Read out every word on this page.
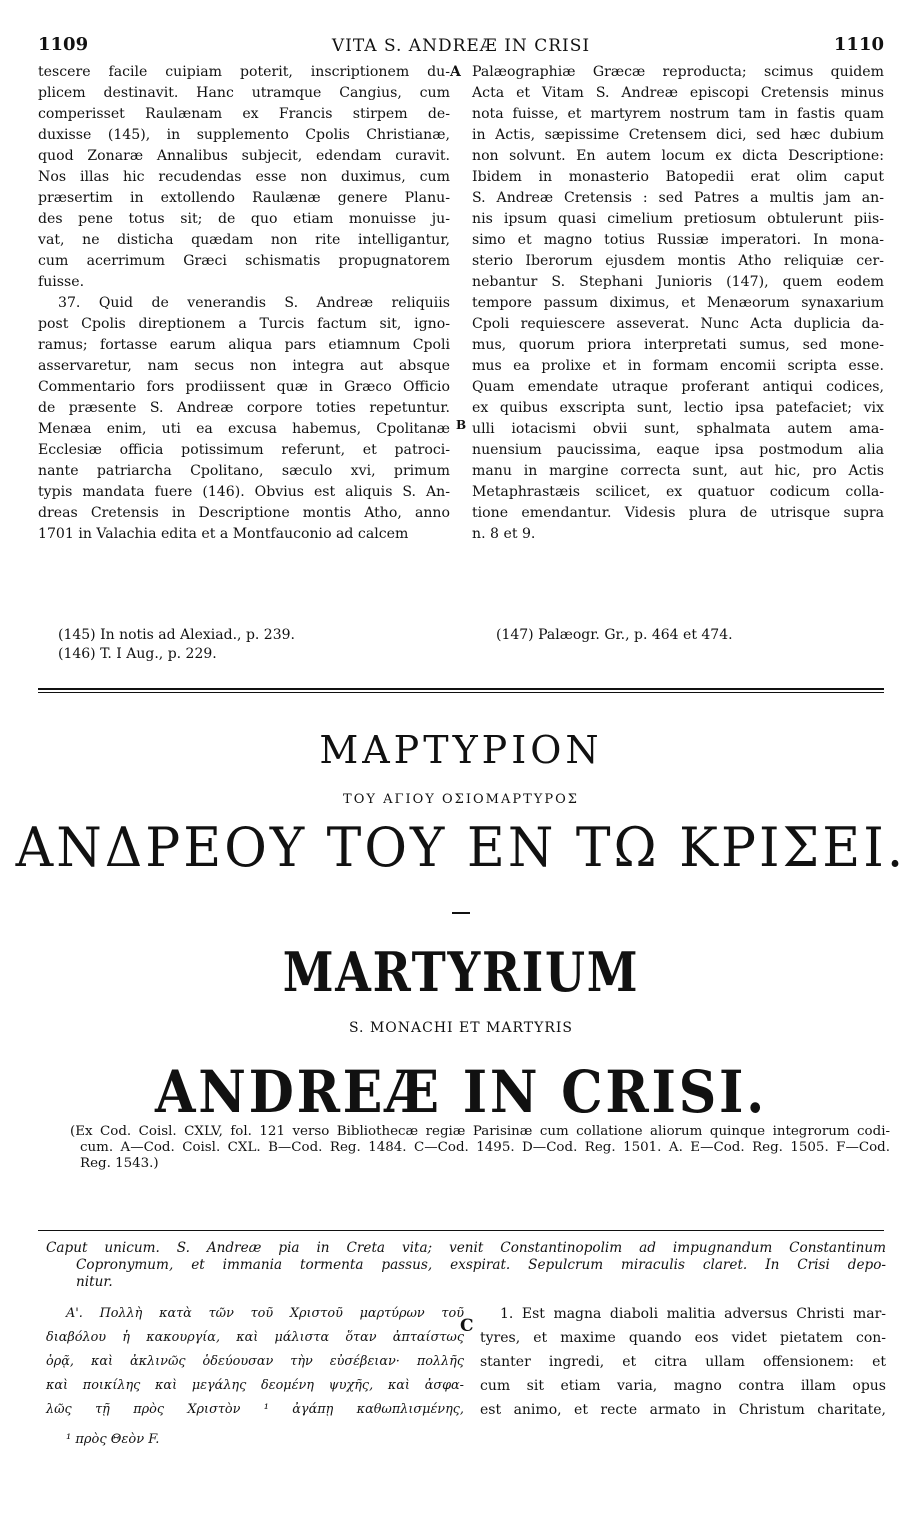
1109	VITA S. ANDREÆ IN CRISI	1110
tescere facile cuipiam poterit, inscriptionem du-
plicem destinavit. Hanc utramque Cangius, cum
comperisset Raulænam ex Francis stirpem de-
duxisse (145), in supplemento Cpolis Christianæ,
quod Zonaræ Annalibus subjecit, edendam curavit.
Nos illas hic recudendas esse non duximus, cum
præsertim in extollendo Raulænæ genere Planu-
des pene totus sit; de quo etiam monuisse ju-
vat, ne disticha quædam non rite intelligantur,
cum acerrimum Græci schismatis propugnatorem
fuisse.
37. Quid de venerandis S. Andreæ reliquiis
post Cpolis direptionem a Turcis factum sit, igno-
ramus; fortasse earum aliqua pars etiamnum Cpoli
asservaretur, nam secus non integra aut absque
Commentario fors prodiissent quæ in Græco Officio
de præsente S. Andreæ corpore toties repetuntur.
Menæa enim, uti ea excusa habemus, Cpolitanæ
Ecclesiæ officia potissimum referunt, et patroci-
nante patriarcha Cpolitano, sæculo xvi, primum
typis mandata fuere (146). Obvius est aliquis S. An-
dreas Cretensis in Descriptione montis Atho, anno
1701 in Valachia edita et a Montfauconio ad calcem
Palæographiæ Græcæ reproducta; scimus quidem
Acta et Vitam S. Andreæ episcopi Cretensis minus
nota fuisse, et martyrem nostrum tam in fastis quam
in Actis, sæpissime Cretensem dici, sed hæc dubium
non solvunt. En autem locum ex dicta Descriptione:
Ibidem in monasterio Batopedii erat olim caput
S. Andreæ Cretensis : sed Patres a multis jam an-
nis ipsum quasi cimelium pretiosum obtulerunt piis-
simo et magno totius Russiæ imperatori. In mona-
sterio Iberorum ejusdem montis Atho reliquiæ cer-
nebantur S. Stephani Junioris (147), quem eodem
tempore passum diximus, et Menæorum synaxarium
Cpoli requiescere asseverat. Nunc Acta duplicia da-
mus, quorum priora interpretati sumus, sed mone-
mus ea prolixe et in formam encomii scripta esse.
Quam emendate utraque proferant antiqui codices,
ex quibus exscripta sunt, lectio ipsa patefaciet; vix
ulli iotacismi obvii sunt, sphalmata autem ama-
nuensium paucissima, eaque ipsa postmodum alia
manu in margine correcta sunt, aut hic, pro Actis
Metaphrastæis scilicet, ex quatuor codicum colla-
tione emendantur. Videsis plura de utrisque supra
n. 8 et 9.
A
B
C
(145) In notis ad Alexiad., p. 239.
(146) T. I Aug., p. 229.
(147) Palæogr. Gr., p. 464 et 474.
ΜΑΡΤΥΡΙΟΝ
ΤΟΥ ΑΓΙΟΥ ΟΣΙΟΜΑΡΤΥΡΟΣ
ΑΝΔΡΕΟΥ ΤΟΥ ΕΝ ΤΩ ΚΡΙΣΕΙ.
MARTYRIUM
S. MONACHI ET MARTYRIS
ANDREÆ IN CRISI.
(Ex Cod. Coisl. CXLV, fol. 121 verso Bibliothecæ regiæ Parisinæ cum collatione aliorum quinque integrorum codi-
cum. A—Cod. Coisl. CXL. B—Cod. Reg. 1484. C—Cod. 1495. D—Cod. Reg. 1501. A. E—Cod. Reg. 1505. F—Cod.
Reg. 1543.)
Caput unicum. S. Andreæ pia in Creta vita; venit Constantinopolim ad impugnandum Constantinum
Copronymum, et immania tormenta passus, exspirat. Sepulcrum miraculis claret. In Crisi depo-
nitur.
Α'. Πολλὴ κατὰ τῶν τοῦ Χριστοῦ μαρτύρων τοῦ
διαβόλου ἡ κακουργία, καὶ μάλιστα ὅταν ἀπταίστως
ὁρᾷ, καὶ ἀκλινῶς ὁδεύουσαν τὴν εὐσέβειαν· πολλῆς
καὶ ποικίλης καὶ μεγάλης δεομένη ψυχῆς, καὶ ἀσφα-
λῶς τῇ πρὸς Χριστὸν ¹ ἀγάπῃ καθωπλισμένης,
1. Est magna diaboli malitia adversus Christi mar-
tyres, et maxime quando eos videt pietatem con-
stanter ingredi, et citra ullam offensionem: et
cum sit etiam varia, magno contra illam opus
est animo, et recte armato in Christum charitate,
¹ πρὸς Θεὸν F.
